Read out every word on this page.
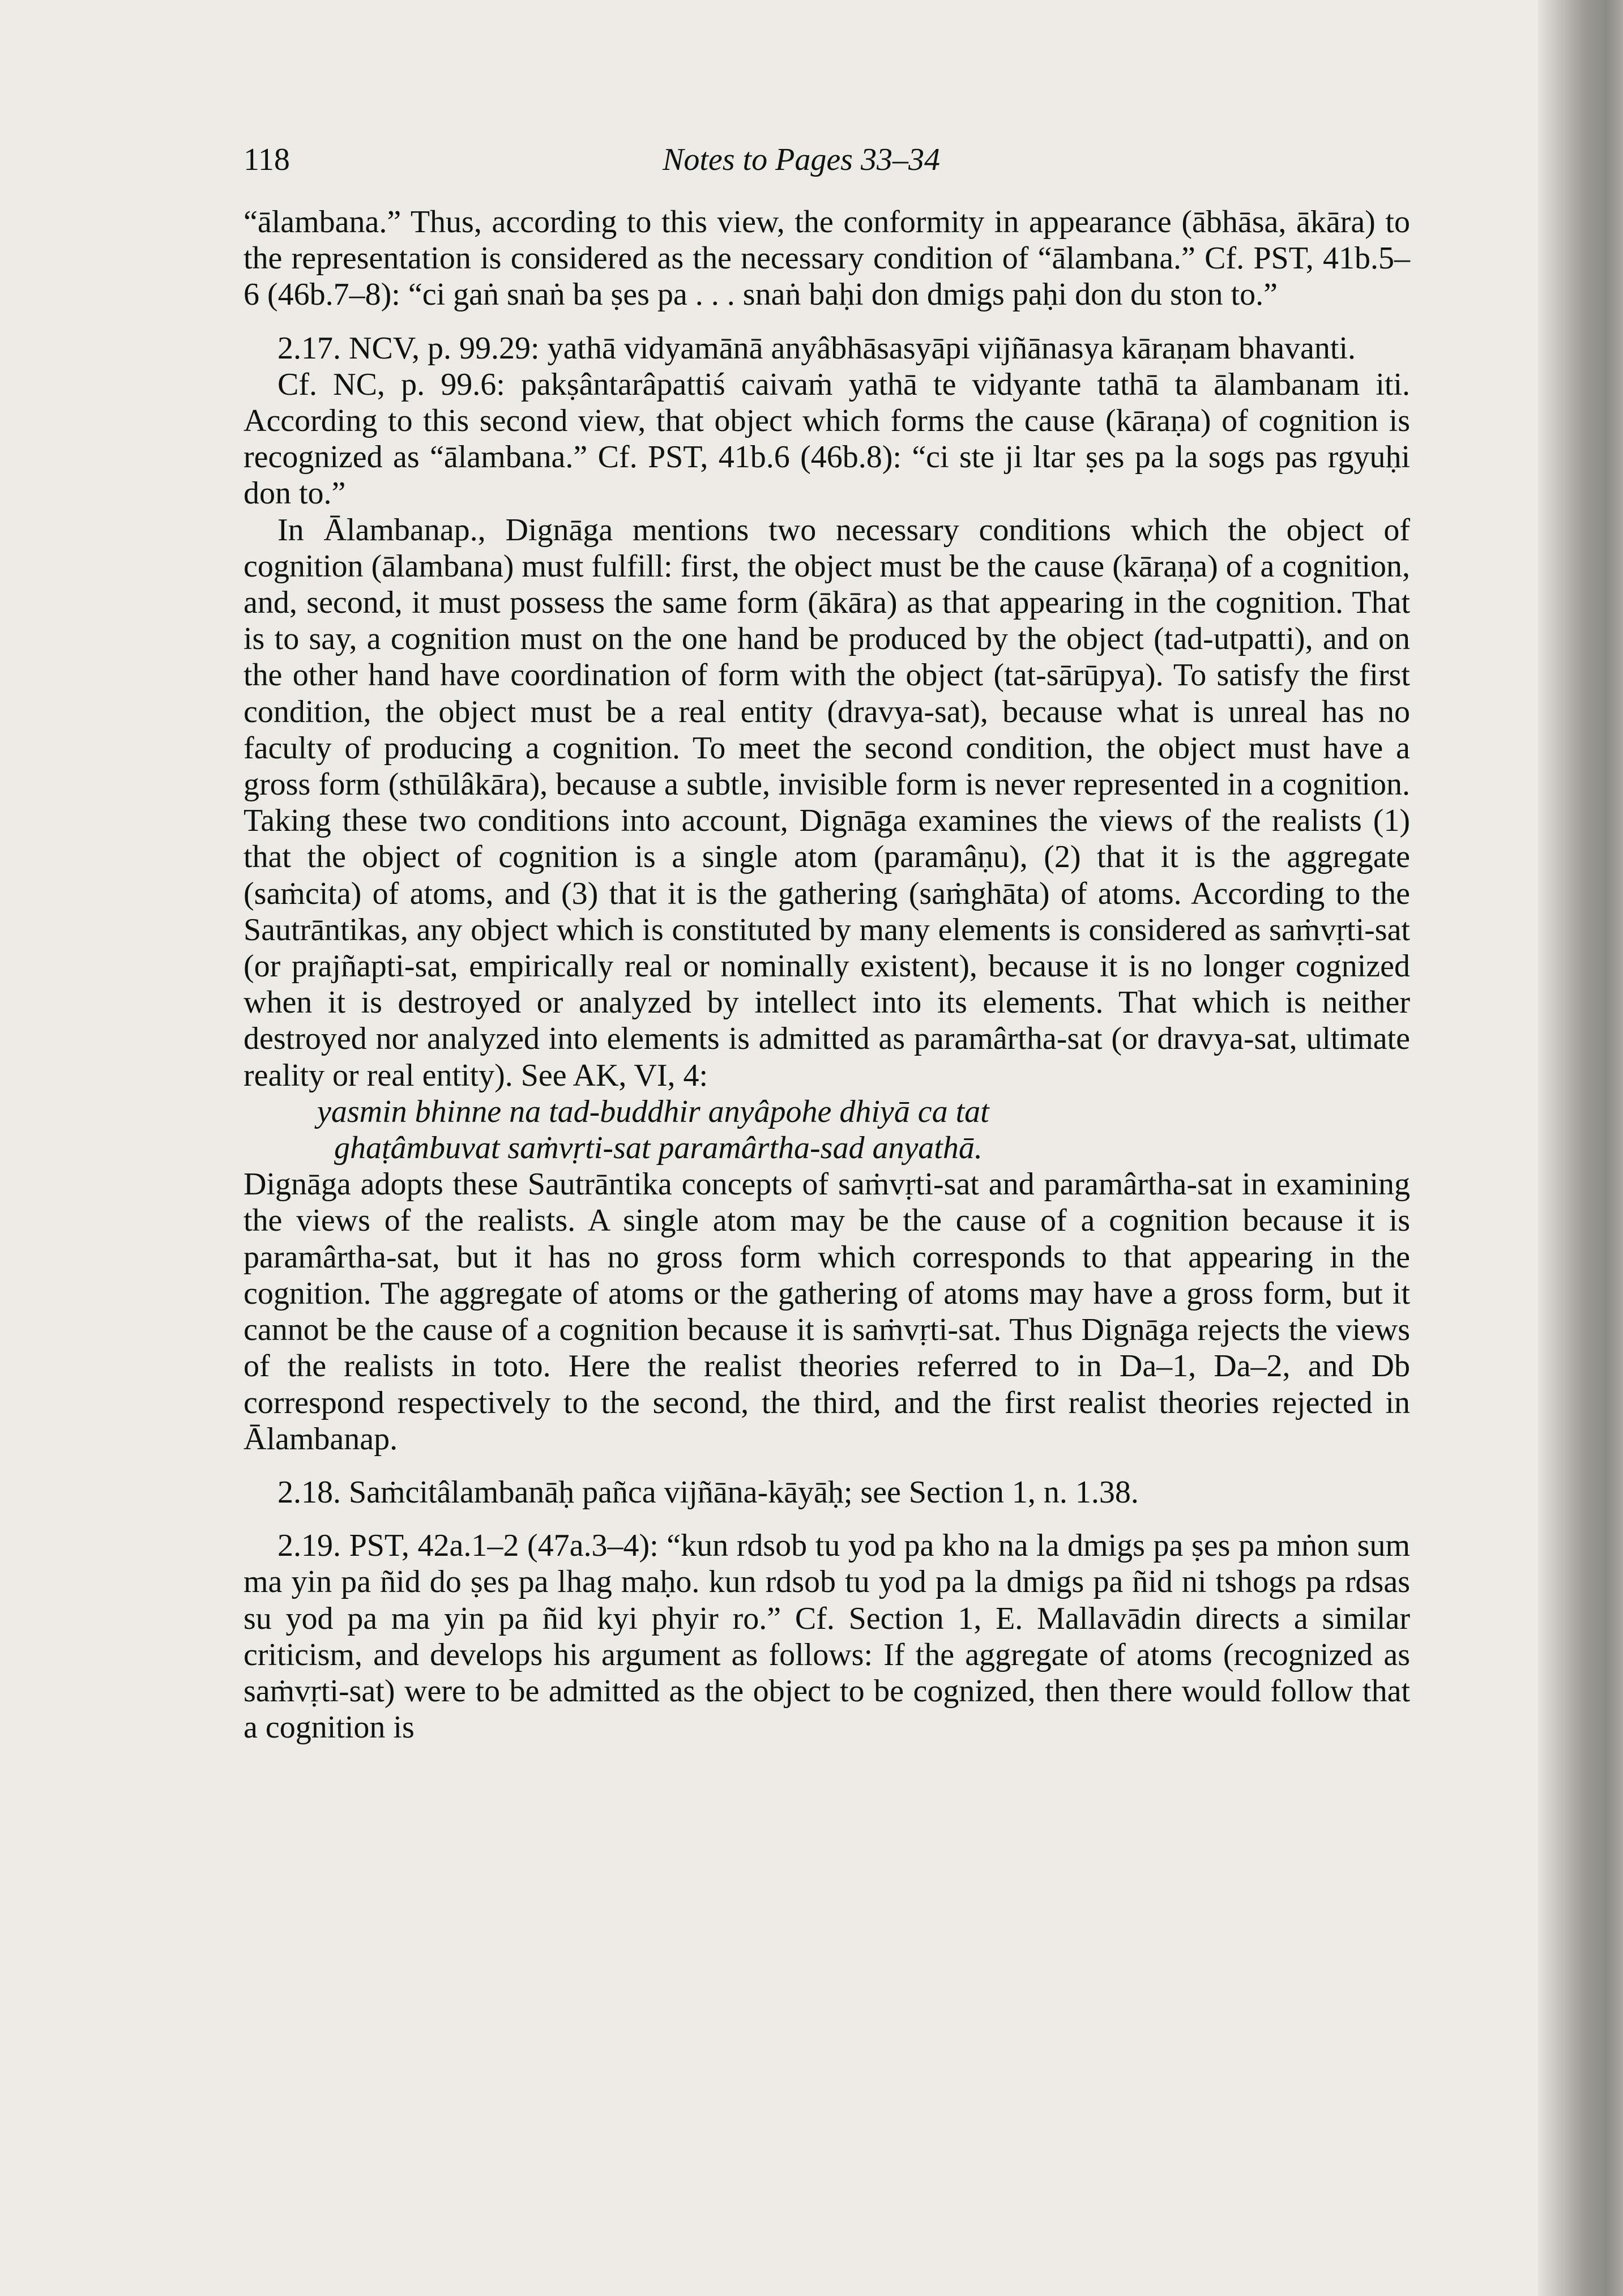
118	Notes to Pages 33–34

“ālambana.” Thus, according to this view, the conformity in appearance (ābhāsa, ākāra) to the representation is considered as the necessary condition of “ālambana.” Cf. PST, 41b.5–6 (46b.7–8): “ci gaṅ snaṅ ba ṣes pa . . . snaṅ baḥi don dmigs paḥi don du ston to.”

2.17. NCV, p. 99.29: yathā vidyamānā anyâbhāsasyāpi vijñānasya kāraṇam bhavanti.

Cf. NC, p. 99.6: pakṣântarâpattiś caivaṁ yathā te vidyante tathā ta ālambanam iti. According to this second view, that object which forms the cause (kāraṇa) of cognition is recognized as “ālambana.” Cf. PST, 41b.6 (46b.8): “ci ste ji ltar ṣes pa la sogs pas rgyuḥi don to.”

In Ālambanap., Dignāga mentions two necessary conditions which the object of cognition (ālambana) must fulfill: first, the object must be the cause (kāraṇa) of a cognition, and, second, it must possess the same form (ākāra) as that appearing in the cognition. That is to say, a cognition must on the one hand be produced by the object (tad-utpatti), and on the other hand have coordination of form with the object (tat-sārūpya). To satisfy the first condition, the object must be a real entity (dravya-sat), because what is unreal has no faculty of producing a cognition. To meet the second condition, the object must have a gross form (sthūlâkāra), because a subtle, invisible form is never represented in a cognition. Taking these two conditions into account, Dignāga examines the views of the realists (1) that the object of cognition is a single atom (paramâṇu), (2) that it is the aggregate (saṁcita) of atoms, and (3) that it is the gathering (saṁghāta) of atoms. According to the Sautrāntikas, any object which is constituted by many elements is considered as saṁvṛti-sat (or prajñapti-sat, empirically real or nominally existent), because it is no longer cognized when it is destroyed or analyzed by intellect into its elements. That which is neither destroyed nor analyzed into elements is admitted as paramârtha-sat (or dravya-sat, ultimate reality or real entity). See AK, VI, 4:

yasmin bhinne na tad-buddhir anyâpohe dhiyā ca tat
ghaṭâmbuvat saṁvṛti-sat paramârtha-sad anyathā.

Dignāga adopts these Sautrāntika concepts of saṁvṛti-sat and paramârtha-sat in examining the views of the realists. A single atom may be the cause of a cognition because it is paramârtha-sat, but it has no gross form which corresponds to that appearing in the cognition. The aggregate of atoms or the gathering of atoms may have a gross form, but it cannot be the cause of a cognition because it is saṁvṛti-sat. Thus Dignāga rejects the views of the realists in toto. Here the realist theories referred to in Da–1, Da–2, and Db correspond respectively to the second, the third, and the first realist theories rejected in Ālambanap.

2.18. Saṁcitâlambanāḥ pañca vijñāna-kāyāḥ; see Section 1, n. 1.38.

2.19. PST, 42a.1–2 (47a.3–4): “kun rdsob tu yod pa kho na la dmigs pa ṣes pa mṅon sum ma yin pa ñid do ṣes pa lhag maḥo. kun rdsob tu yod pa la dmigs pa ñid ni tshogs pa rdsas su yod pa ma yin pa ñid kyi phyir ro.” Cf. Section 1, E. Mallavādin directs a similar criticism, and develops his argument as follows: If the aggregate of atoms (recognized as saṁvṛti-sat) were to be admitted as the object to be cognized, then there would follow that a cognition is
